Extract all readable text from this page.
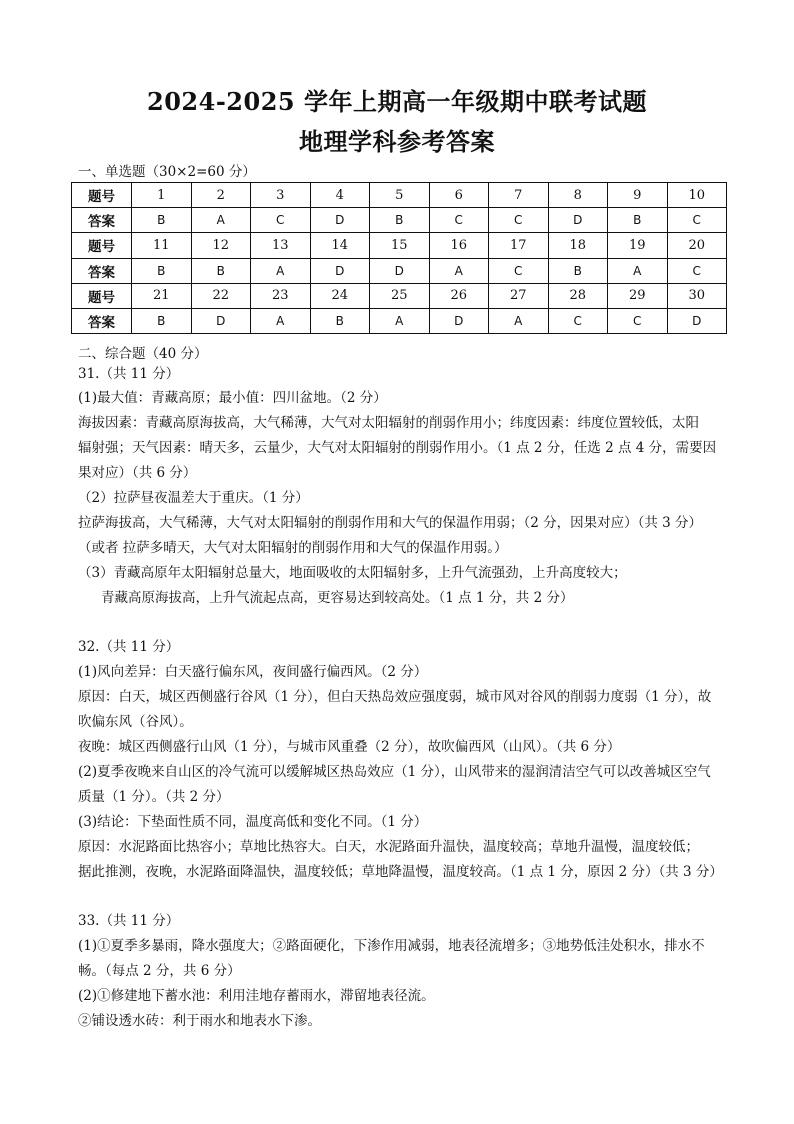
2024-2025 学年上期高一年级期中联考试题
地理学科参考答案
一、单选题（30×2=60 分）
题号	1	2	3	4	5	6	7	8	9	10
答案	B	A	C	D	B	C	C	D	B	C
题号	11	12	13	14	15	16	17	18	19	20
答案	B	B	A	D	D	A	C	B	A	C
题号	21	22	23	24	25	26	27	28	29	30
答案	B	D	A	B	A	D	A	C	C	D
二、综合题（40 分）
31.（共 11 分）
(1)最大值：青藏高原；最小值：四川盆地。（2 分）
海拔因素：青藏高原海拔高，大气稀薄，大气对太阳辐射的削弱作用小；纬度因素：纬度位置较低，太阳
辐射强；天气因素：晴天多，云量少，大气对太阳辐射的削弱作用小。（1 点 2 分，任选 2 点 4 分，需要因
果对应）（共 6 分）
（2）拉萨昼夜温差大于重庆。（1 分）
拉萨海拔高，大气稀薄，大气对太阳辐射的削弱作用和大气的保温作用弱；（2 分，因果对应）（共 3 分）
（或者 拉萨多晴天，大气对太阳辐射的削弱作用和大气的保温作用弱。）
（3）青藏高原年太阳辐射总量大，地面吸收的太阳辐射多，上升气流强劲，上升高度较大；
青藏高原海拔高，上升气流起点高，更容易达到较高处。（1 点 1 分，共 2 分）
32.（共 11 分）
(1)风向差异：白天盛行偏东风，夜间盛行偏西风。（2 分）
原因：白天，城区西侧盛行谷风（1 分），但白天热岛效应强度弱，城市风对谷风的削弱力度弱（1 分），故
吹偏东风（谷风）。
夜晚：城区西侧盛行山风（1 分），与城市风重叠（2 分），故吹偏西风（山风）。（共 6 分）
(2)夏季夜晚来自山区的冷气流可以缓解城区热岛效应（1 分），山风带来的湿润清洁空气可以改善城区空气
质量（1 分）。（共 2 分）
(3)结论：下垫面性质不同，温度高低和变化不同。（1 分）
原因：水泥路面比热容小；草地比热容大。白天，水泥路面升温快，温度较高；草地升温慢，温度较低；
据此推测，夜晚，水泥路面降温快，温度较低；草地降温慢，温度较高。（1 点 1 分，原因 2 分）（共 3 分）
33.（共 11 分）
(1)①夏季多暴雨，降水强度大；②路面硬化，下渗作用减弱，地表径流增多；③地势低洼处积水，排水不
畅。（每点 2 分，共 6 分）
(2)①修建地下蓄水池：利用洼地存蓄雨水，滞留地表径流。
②铺设透水砖：利于雨水和地表水下渗。
